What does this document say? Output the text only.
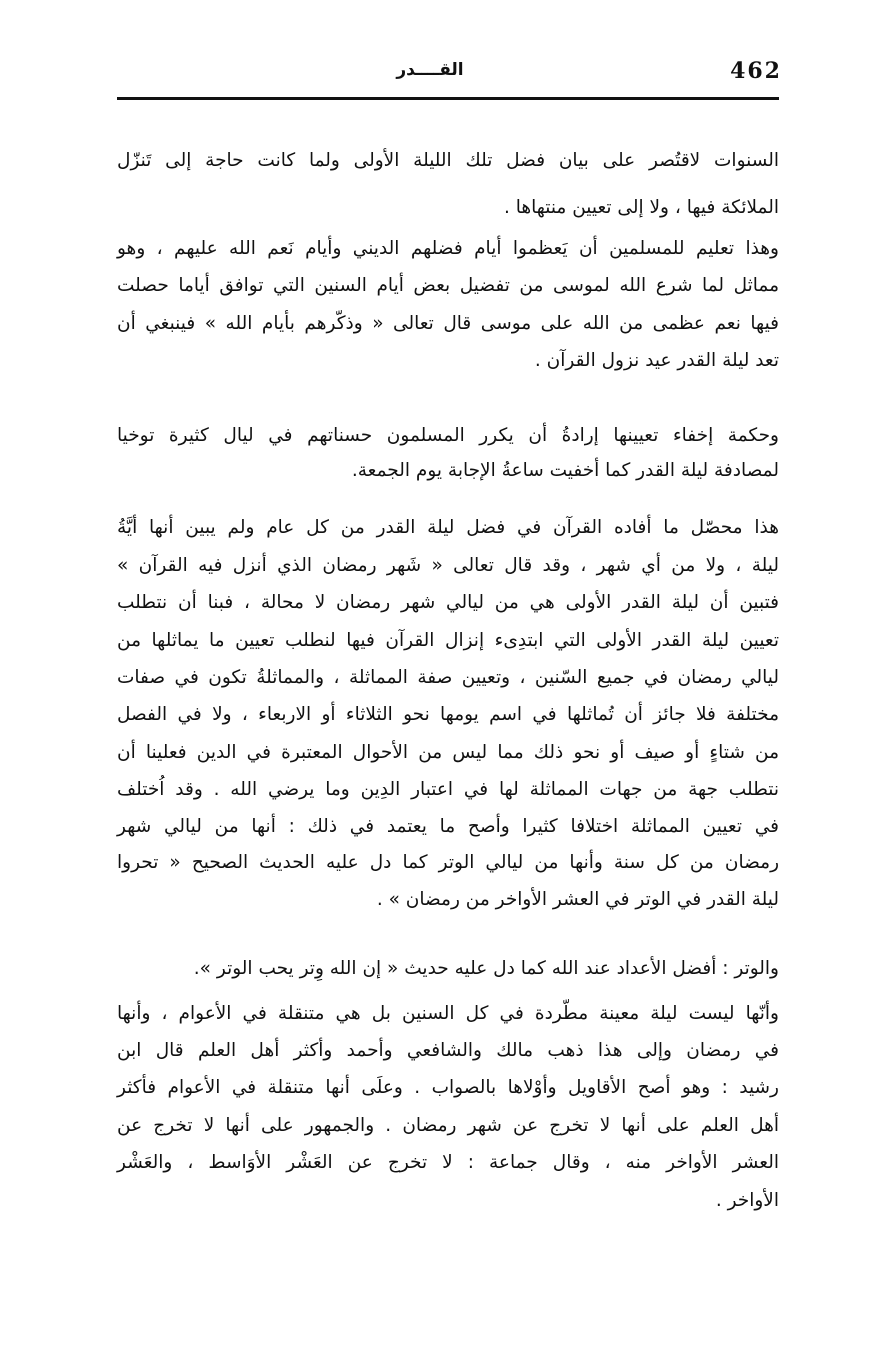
462
القــــدر
السنوات لاقتُصر على بيان فضل تلك الليلة الأولى ولما كانت حاجة إلى تَنزّل
الملائكة فيها ، ولا إلى تعيين منتهاها .
وهذا تعليم للمسلمين أن يَعظموا أيام فضلهم الديني وأيام نَعم الله عليهم ، وهو
مماثل لما شرع الله لموسى من تفضيل بعض أيام السنين التي توافق أياما حصلت
فيها نعم عظمى من الله على موسى قال تعالى « وذكّرهم بأيام الله » فينبغي أن
تعد ليلة القدر عيد نزول القرآن .
وحكمة إخفاء تعيينها إرادةُ أن يكرر المسلمون حسناتهم في ليال كثيرة توخيا
لمصادفة ليلة القدر كما أخفيت ساعةُ الإجابة يوم الجمعة.
هذا محصّل ما أفاده القرآن في فضل ليلة القدر من كل عام ولم يبين أنها أيَّةُ
ليلة ، ولا من أي شهر ، وقد قال تعالى « شَهر رمضان الذي أنزل فيه القرآن »
فتبين أن ليلة القدر الأولى هي من ليالي شهر رمضان لا محالة ، فبنا أن نتطلب
تعيين ليلة القدر الأولى التي ابتدِىء إنزال القرآن فيها لنطلب تعيين ما يماثلها من
ليالي رمضان في جميع السّنين ، وتعيين صفة المماثلة ، والمماثلةُ تكون في صفات
مختلفة فلا جائز أن تُماثلها في اسم يومها نحو الثلاثاء أو الاربعاء ، ولا في الفصل
من شتاءٍ أو صيف أو نحو ذلك مما ليس من الأحوال المعتبرة في الدين فعلينا أن
نتطلب جهة من جهات المماثلة لها في اعتبار الدِين وما يرضي الله . وقد اُختلف
في تعيين المماثلة اختلافا كثيرا وأصح ما يعتمد في ذلك : أنها من ليالي شهر
رمضان من كل سنة وأنها من ليالي الوتر كما دل عليه الحديث الصحيح « تحروا
ليلة القدر في الوتر في العشر الأواخر من رمضان » .
والوتر : أفضل الأعداد عند الله كما دل عليه حديث « إن الله وِتر يحب الوتر ».
وأنّها ليست ليلة معينة مطّردة في كل السنين بل هي متنقلة في الأعوام ، وأنها
في رمضان وإلى هذا ذهب مالك والشافعي وأحمد وأكثر أهل العلم قال ابن
رشيد : وهو أصح الأقاويل وأوْلاها بالصواب . وعلَى أنها متنقلة في الأعوام فأكثر
أهل العلم على أنها لا تخرج عن شهر رمضان . والجمهور على أنها لا تخرج عن
العشر الأواخر منه ، وقال جماعة : لا تخرج عن العَشْر الأوَاسط ، والعَشْر
الأواخر .
